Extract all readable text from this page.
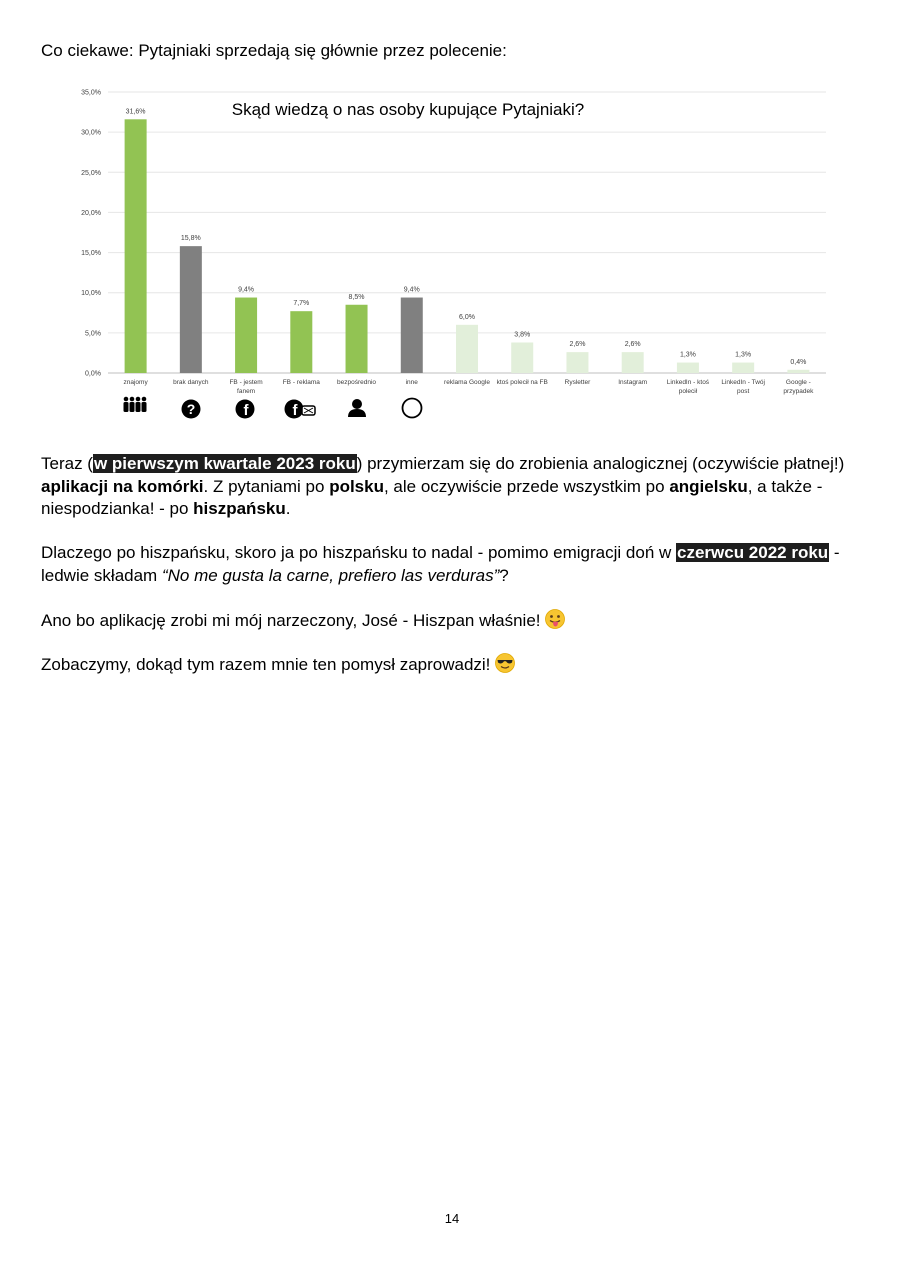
Co ciekawe: Pytajniaki sprzedają się głównie przez polecenie:

0,0%
5,0%
10,0%
15,0%
20,0%
25,0%
30,0%
35,0%
31,6%
15,8%
9,4%
7,7%
8,5%
9,4%
6,0%
3,8%
2,6%	2,6%
1,3%	1,3%
0,4%
znajomy	brak danych	FB - jestem
fanem
FB - reklama	bezpośrednio	inne	reklama Google ktoś polecił na FB	Rysletter	Instagram	LinkedIn - ktoś
polecił
LinkedIn - Twój
post
Google -
przypadek
Skąd wiedzą o nas osoby kupujące Pytajniaki?
?	f	f

Teraz (w pierwszym kwartale 2023 roku) przymierzam się do zrobienia analogicznej (oczywiście płatnej!) aplikacji na komórki. Z pytaniami po polsku, ale oczywiście przede wszystkim po angielsku, a także - niespodzianka! - po hiszpańsku.

Dlaczego po hiszpańsku, skoro ja po hiszpańsku to nadal - pomimo emigracji doń w czerwcu 2022 roku - ledwie składam “No me gusta la carne, prefiero las verduras”?

Ano bo aplikację zrobi mi mój narzeczony, José - Hiszpan właśnie!

Zobaczymy, dokąd tym razem mnie ten pomysł zaprowadzi!

14
